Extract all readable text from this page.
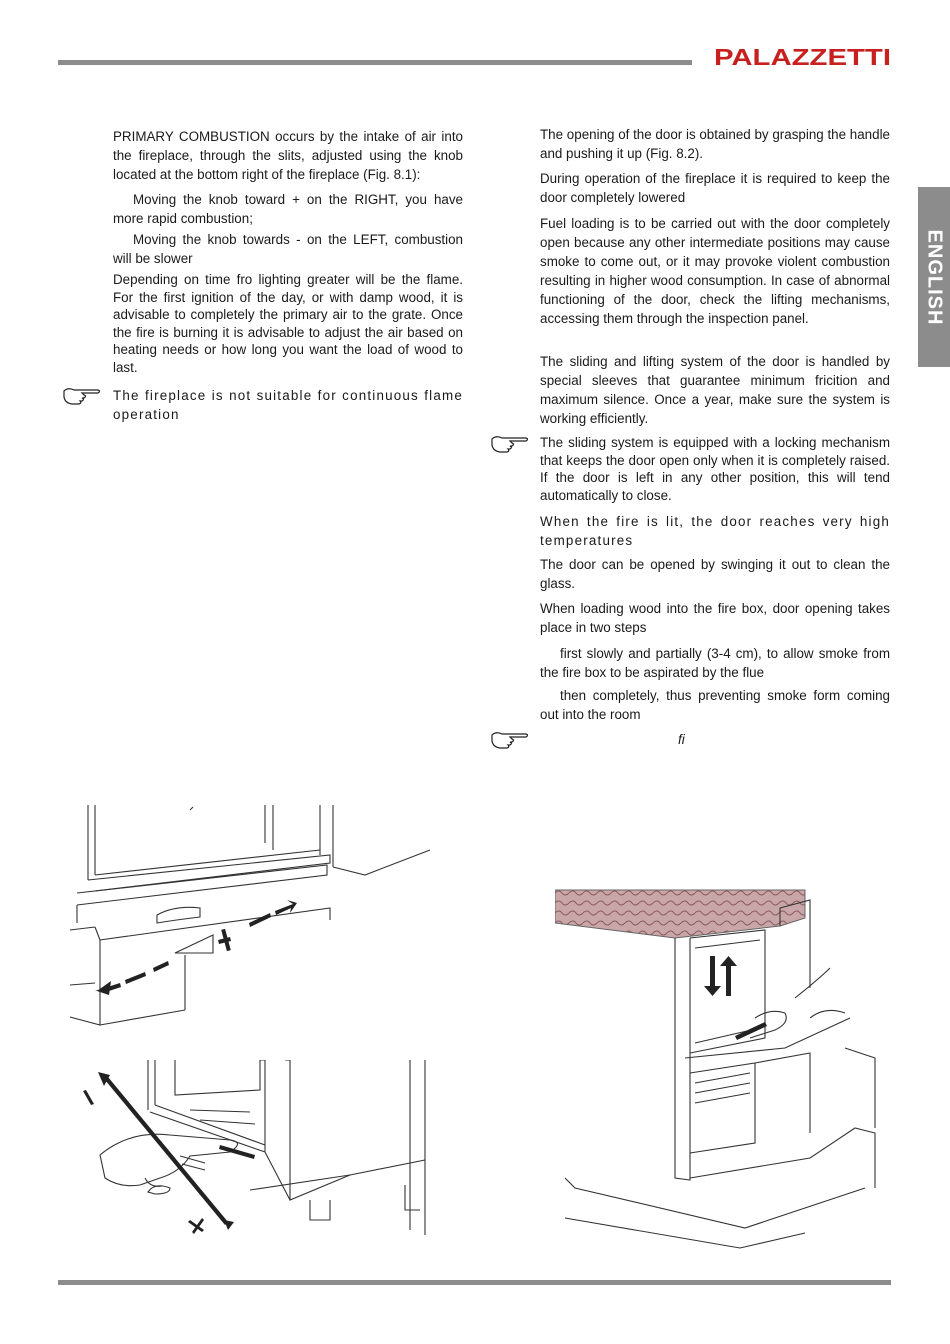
PALAZZETTI
ENGLISH

PRIMARY COMBUSTION occurs by the intake of air into the fireplace, through the slits, adjusted using the knob located at the bottom right of the fireplace (Fig. 8.1):

Moving the knob toward + on the RIGHT, you have more rapid combustion;

Moving the knob towards - on the LEFT, combustion will be slower

Depending on time fro lighting greater will be the flame. For the first ignition of the day, or with damp wood, it is advisable to completely the primary air to the grate. Once the fire is burning it is advisable to adjust the air based on heating needs or how long you want the load of wood to last.

The fireplace is not suitable for continuous flame operation

The opening of the door is obtained by grasping the handle and pushing it up (Fig. 8.2).

During operation of the fireplace it is required to keep the door completely lowered

Fuel loading is to be carried out with the door completely open because any other intermediate positions may cause smoke to come out, or it may provoke violent combustion resulting in higher wood consumption. In case of abnormal functioning of the door, check the lifting mechanisms, accessing them through the inspection panel.

The sliding and lifting system of the door is handled by special sleeves that guarantee minimum fricition and maximum silence. Once a year, make sure the system is working efficiently.

The sliding system is equipped with a locking mechanism that keeps the door open only when it is completely raised. If the door is left in any other position, this will tend automatically to close.

When the fire is lit, the door reaches very high temperatures

The door can be opened by swinging it out to clean the glass.

When loading wood into the fire box, door opening takes place in two steps

first slowly and partially (3-4 cm), to allow smoke from the fire box to be aspirated by the flue

then completely, thus preventing smoke form coming out into the room

fi
